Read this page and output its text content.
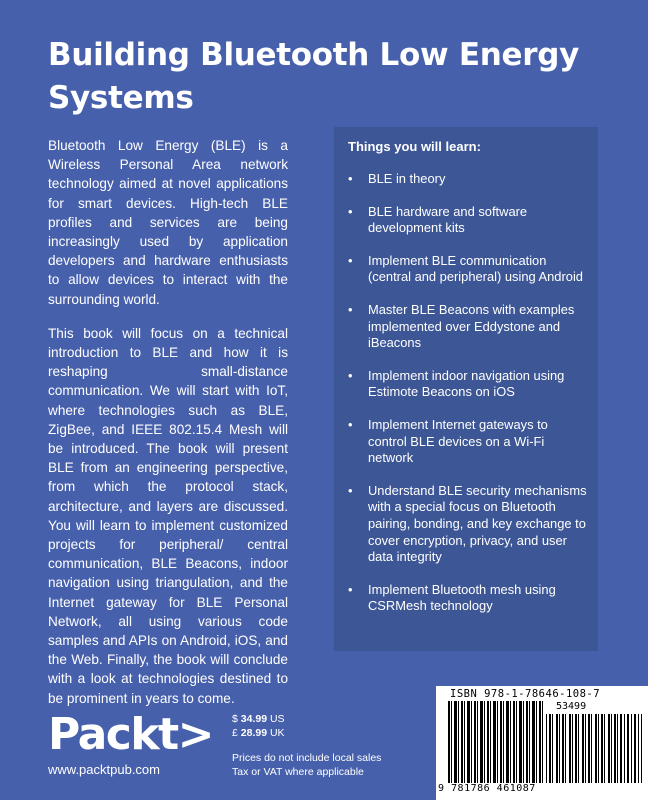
Building Bluetooth Low Energy Systems

Bluetooth Low Energy (BLE) is a Wireless Personal Area network technology aimed at novel applications for smart devices. High-tech BLE profiles and services are being increasingly used by application developers and hardware enthusiasts to allow devices to interact with the surrounding world.

This book will focus on a technical introduction to BLE and how it is reshaping small-distance communication. We will start with IoT, where technologies such as BLE, ZigBee, and IEEE 802.15.4 Mesh will be introduced. The book will present BLE from an engineering perspective, from which the protocol stack, architecture, and layers are discussed. You will learn to implement customized projects for peripheral/ central communication, BLE Beacons, indoor navigation using triangulation, and the Internet gateway for BLE Personal Network, all using various code samples and APIs on Android, iOS, and the Web. Finally, the book will conclude with a look at technologies destined to be prominent in years to come.

Things you will learn:
• BLE in theory
• BLE hardware and software development kits
• Implement BLE communication (central and peripheral) using Android
• Master BLE Beacons with examples implemented over Eddystone and iBeacons
• Implement indoor navigation using Estimote Beacons on iOS
• Implement Internet gateways to control BLE devices on a Wi-Fi network
• Understand BLE security mechanisms with a special focus on Bluetooth pairing, bonding, and key exchange to cover encryption, privacy, and user data integrity
• Implement Bluetooth mesh using CSRMesh technology
Packt>
www.packtpub.com
$ 34.99 US
£ 28.99 UK
Prices do not include local sales
Tax or VAT where applicable
ISBN 978-1-78646-108-7
53499
9 781786 461087
